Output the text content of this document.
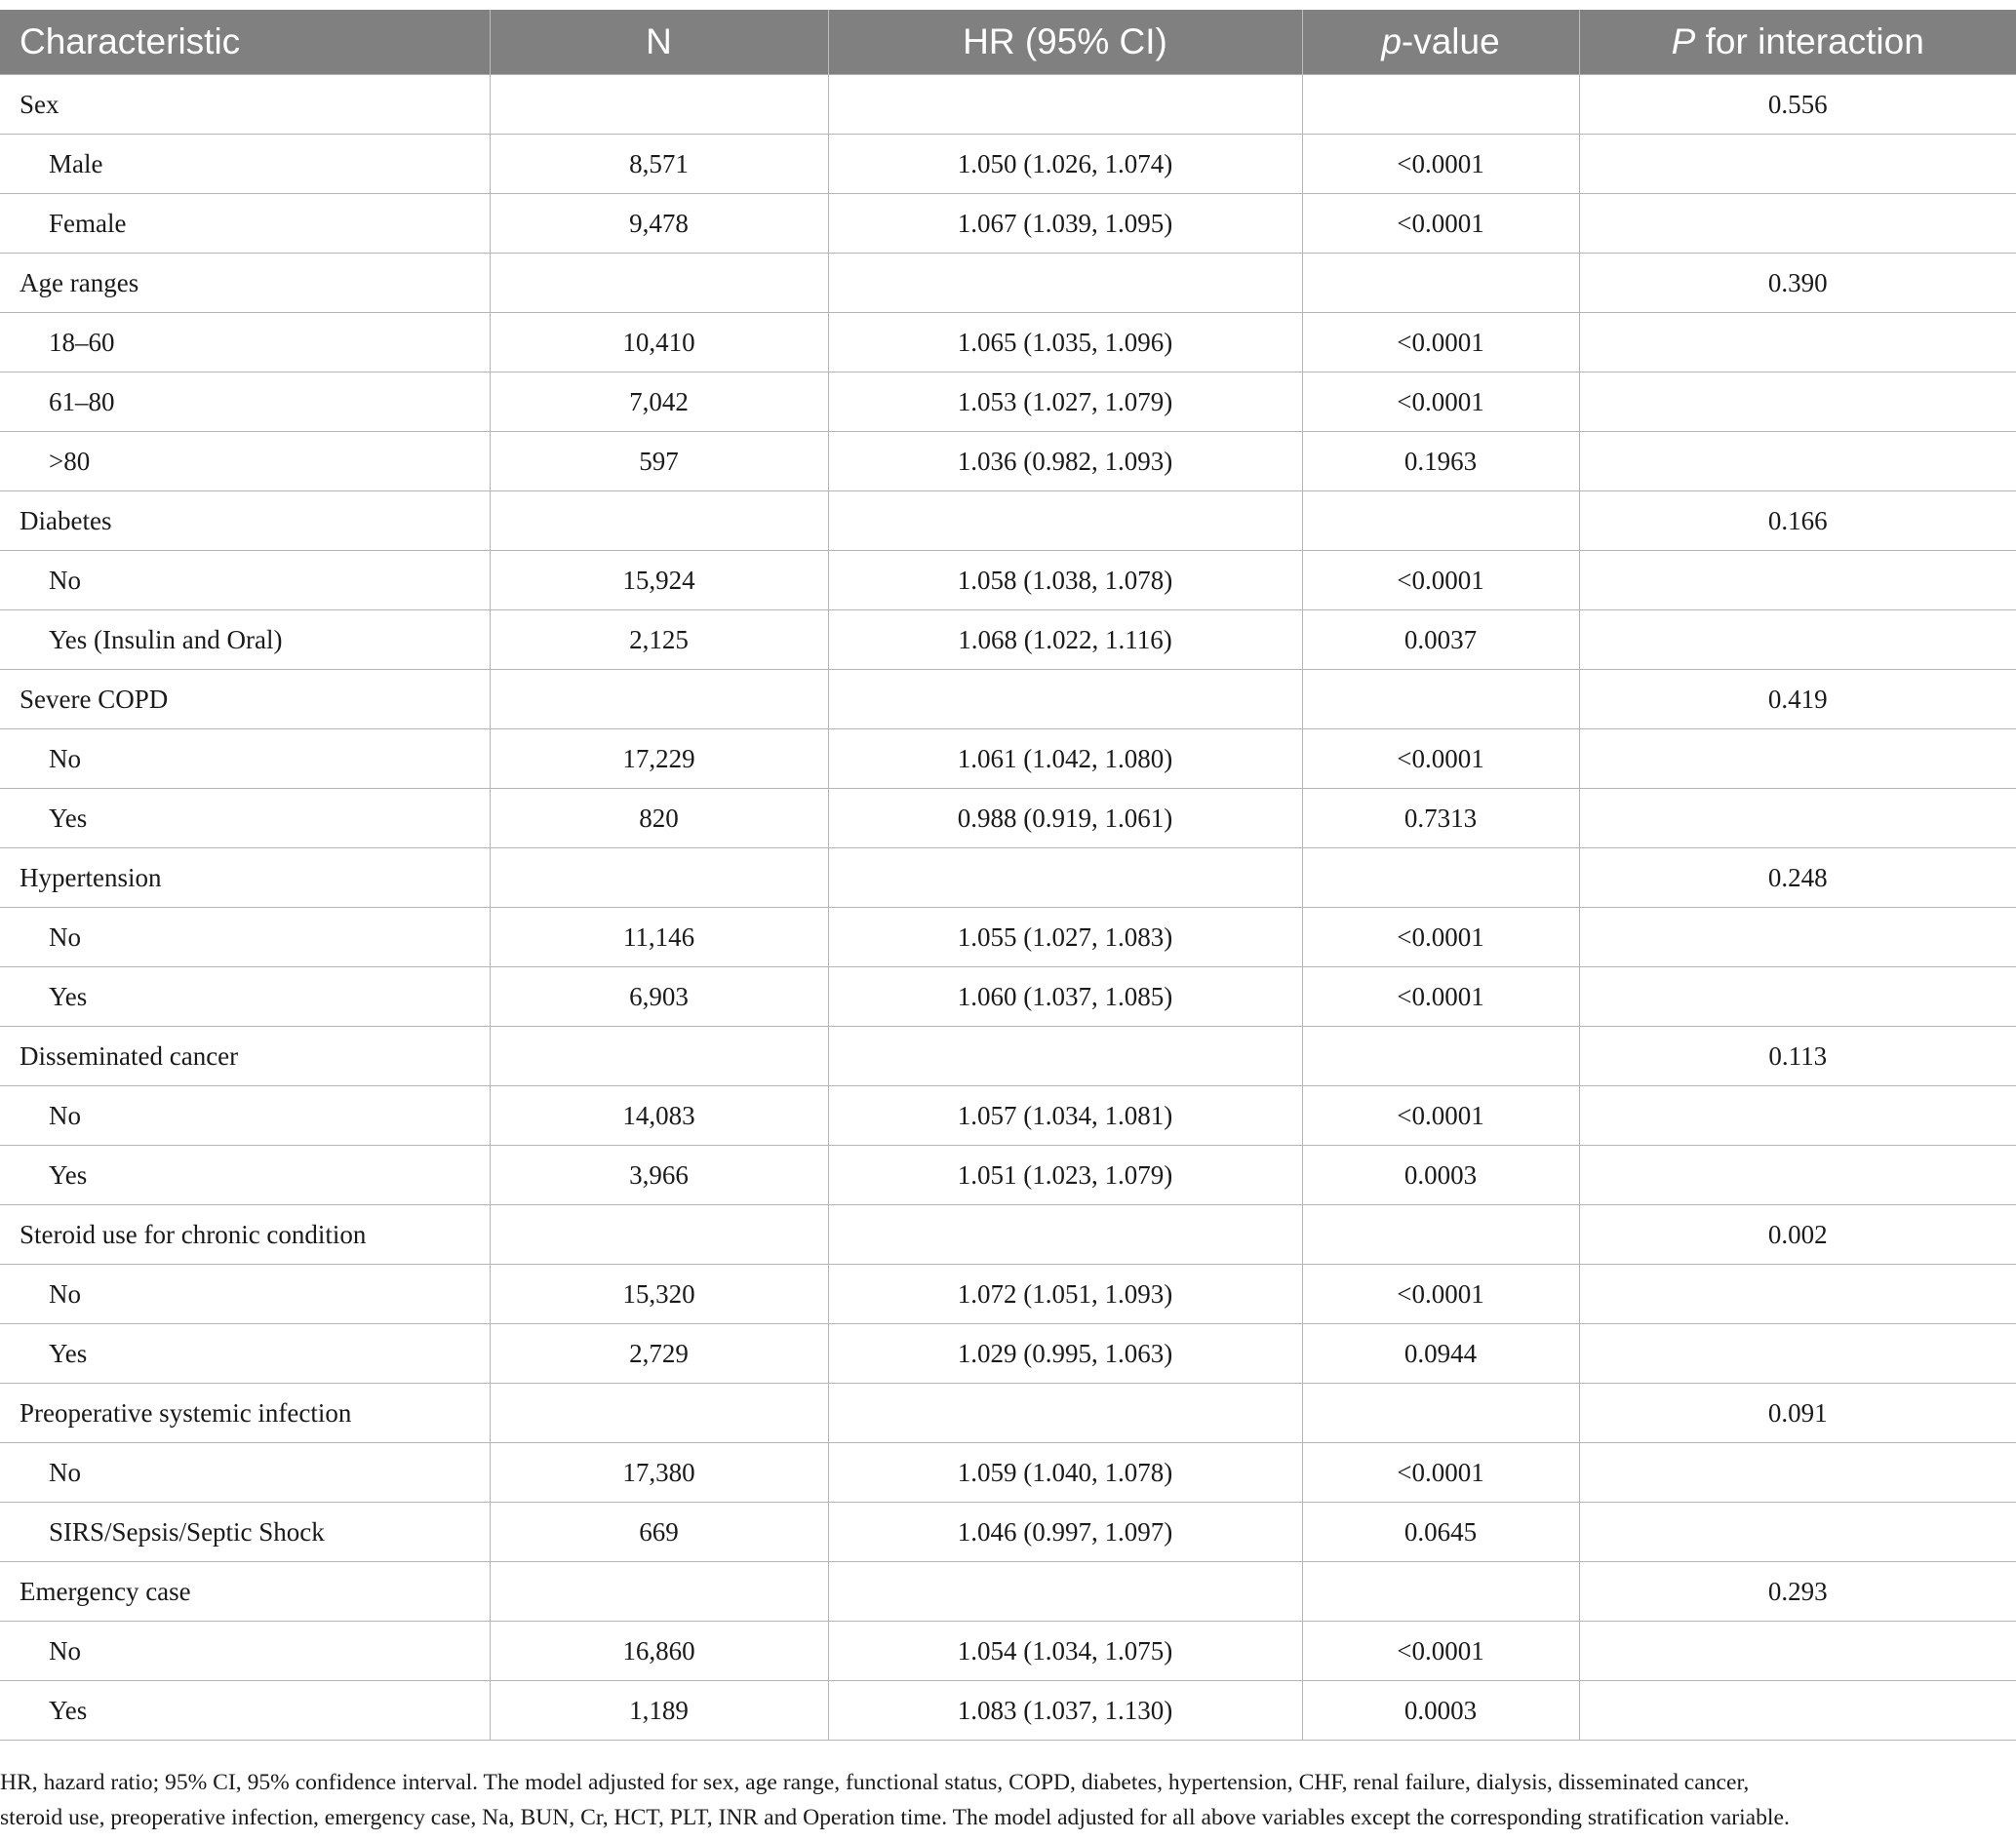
Characteristic	N	HR (95% CI)	p-value	P for interaction
Sex				0.556
Male	8,571	1.050 (1.026, 1.074)	<0.0001	
Female	9,478	1.067 (1.039, 1.095)	<0.0001	
Age ranges				0.390
18–60	10,410	1.065 (1.035, 1.096)	<0.0001	
61–80	7,042	1.053 (1.027, 1.079)	<0.0001	
>80	597	1.036 (0.982, 1.093)	0.1963	
Diabetes				0.166
No	15,924	1.058 (1.038, 1.078)	<0.0001	
Yes (Insulin and Oral)	2,125	1.068 (1.022, 1.116)	0.0037	
Severe COPD				0.419
No	17,229	1.061 (1.042, 1.080)	<0.0001	
Yes	820	0.988 (0.919, 1.061)	0.7313	
Hypertension				0.248
No	11,146	1.055 (1.027, 1.083)	<0.0001	
Yes	6,903	1.060 (1.037, 1.085)	<0.0001	
Disseminated cancer				0.113
No	14,083	1.057 (1.034, 1.081)	<0.0001	
Yes	3,966	1.051 (1.023, 1.079)	0.0003	
Steroid use for chronic condition				0.002
No	15,320	1.072 (1.051, 1.093)	<0.0001	
Yes	2,729	1.029 (0.995, 1.063)	0.0944	
Preoperative systemic infection				0.091
No	17,380	1.059 (1.040, 1.078)	<0.0001	
SIRS/Sepsis/Septic Shock	669	1.046 (0.997, 1.097)	0.0645	
Emergency case				0.293
No	16,860	1.054 (1.034, 1.075)	<0.0001	
Yes	1,189	1.083 (1.037, 1.130)	0.0003	
HR, hazard ratio; 95% CI, 95% confidence interval. The model adjusted for sex, age range, functional status, COPD, diabetes, hypertension, CHF, renal failure, dialysis, disseminated cancer,
steroid use, preoperative infection, emergency case, Na, BUN, Cr, HCT, PLT, INR and Operation time. The model adjusted for all above variables except the corresponding stratification variable.
